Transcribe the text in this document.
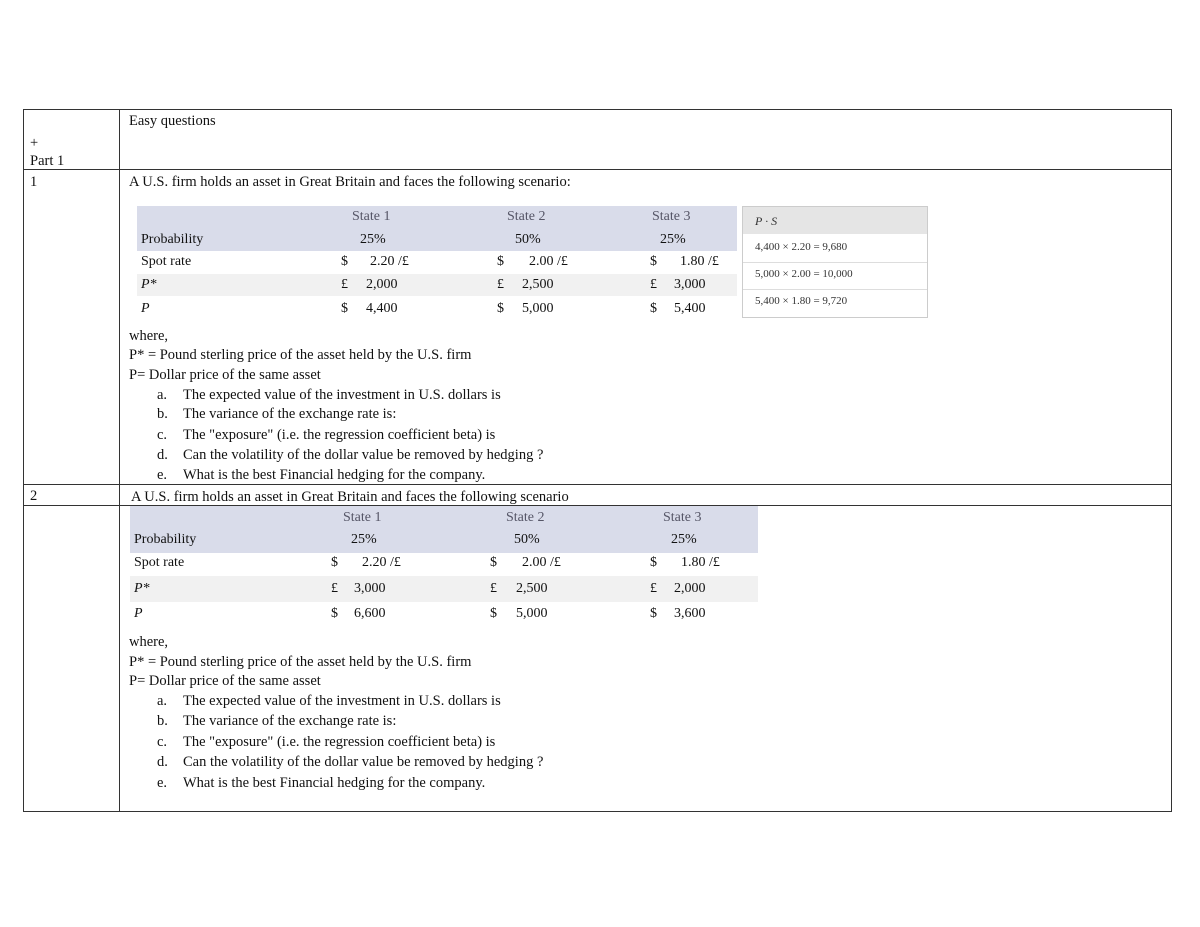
+
Part 1
Easy questions
1	A U.S. firm holds an asset in Great Britain and faces the following scenario:
State 1	State 2	State 3
Probability	25%	50%	25%
Spot rate	$ 2.20 /£	$ 2.00 /£	$ 1.80 /£
P*	£ 2,000	£ 2,500	£ 3,000
P	$ 4,400	$ 5,000	$ 5,400
P · S
4,400 × 2.20 = 9,680
5,000 × 2.00 = 10,000
5,400 × 1.80 = 9,720
where,
P* = Pound sterling price of the asset held by the U.S. firm
P= Dollar price of the same asset
a. The expected value of the investment in U.S. dollars is
b. The variance of the exchange rate is:
c. The "exposure" (i.e. the regression coefficient beta) is
d. Can the volatility of the dollar value be removed by hedging ?
e. What is the best Financial hedging for the company.
2	A U.S. firm holds an asset in Great Britain and faces the following scenario
State 1	State 2	State 3
Probability	25%	50%	25%
Spot rate	$ 2.20 /£	$ 2.00 /£	$ 1.80 /£
P*	£ 3,000	£ 2,500	£ 2,000
P	$ 6,600	$ 5,000	$ 3,600
where,
P* = Pound sterling price of the asset held by the U.S. firm
P= Dollar price of the same asset
a. The expected value of the investment in U.S. dollars is
b. The variance of the exchange rate is:
c. The "exposure" (i.e. the regression coefficient beta) is
d. Can the volatility of the dollar value be removed by hedging ?
e. What is the best Financial hedging for the company.
